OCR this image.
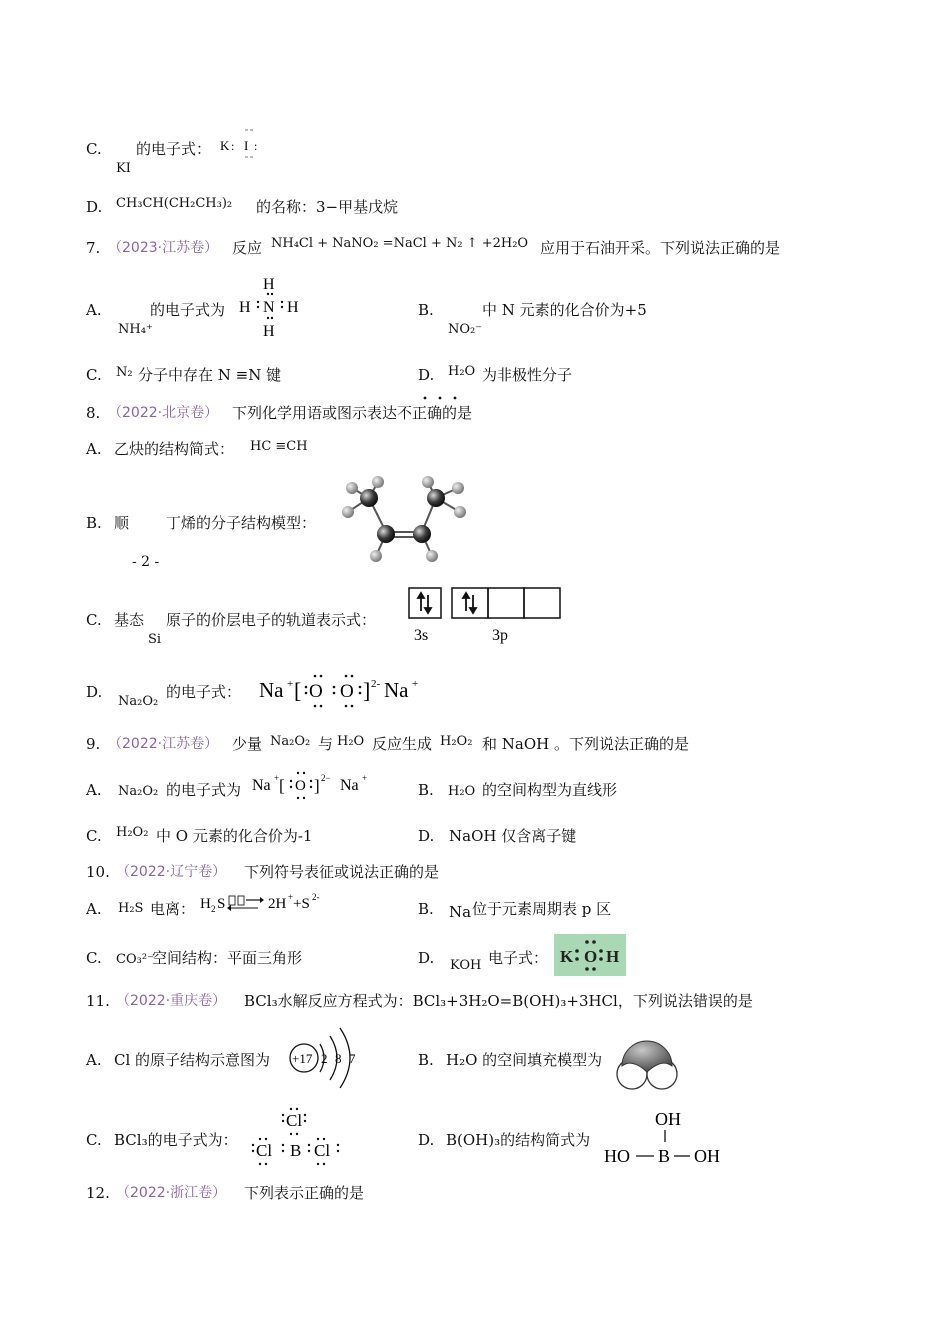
C.
KI
的电子式： K : I :
D. CH₃CH(CH₂CH₃)₂ 的名称：3−甲基戊烷
7. （2023·江苏卷） 反应 NH₄Cl + NaNO₂ =NaCl + N₂ ↑ +2H₂O 应用于石油开采。下列说法正确的是
A.
NH₄⁺
的电子式为
H
H N H
H
B.
NO₂⁻
中 N 元素的化合价为+5
C. N₂ 分子中存在 N ≡N 键	D. H₂O 为非极性分子
8. （2022·北京卷） 下列化学用语或图示表达不正确的是
A. 乙炔的结构简式： HC ≡CH
B. 顺 丁烯的分子结构模型：
- 2 -
C. 基态
Si
原子的价层电子的轨道表示式：
3s	3p
D.
Na₂O₂
的电子式： Na + [ O O ] 2- Na +
9. （2022·江苏卷） 少量 Na₂O₂ 与 H₂O 反应生成 H₂O₂ 和 NaOH 。下列说法正确的是
A. Na₂O₂ 的电子式为 Na + [ O ] 2− Na +
B. H₂O 的空间构型为直线形
C. H₂O₂ 中 O 元素的化合价为-1	D. NaOH 仅含离子键
10. （2022·辽宁卷） 下列符号表征或说法正确的是
A. H₂S 电离： H 2 S	2H + +S 2-
B. Na 位于元素周期表 p 区
C. CO₃²⁻
空间结构：平面三角形	D. KOH 电子式： K O H
11. （2022·重庆卷） BCl₃水解反应方程式为：BCl₃+3H₂O=B(OH)₃+3HCl，下列说法错误的是
A. Cl 的原子结构示意图为 +17 2 8 7	B. H₂O 的空间填充模型为
C. BCl₃的电子式为：
Cl
Cl B Cl
D. B(OH)₃的结构简式为
OH
HO B OH
12. （2022·浙江卷） 下列表示正确的是
